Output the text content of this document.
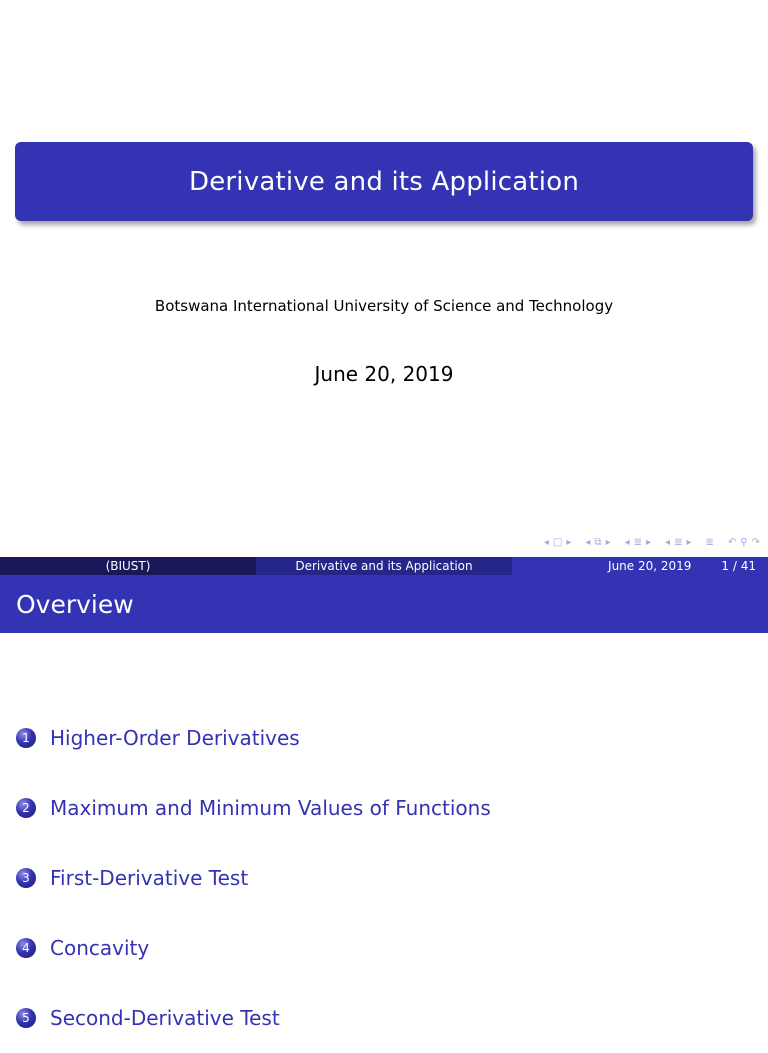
Derivative and its Application
Botswana International University of Science and Technology
June 20, 2019
◂ □ ▸ ◂ ⧉ ▸ ◂ ≣ ▸ ◂ ≣ ▸ ≣ ↶ ⚲ ↷
(BIUST)	Derivative and its Application	June 20, 2019	1 / 41
Overview
1	Higher-Order Derivatives
2	Maximum and Minimum Values of Functions
3	First-Derivative Test
4	Concavity
5	Second-Derivative Test
